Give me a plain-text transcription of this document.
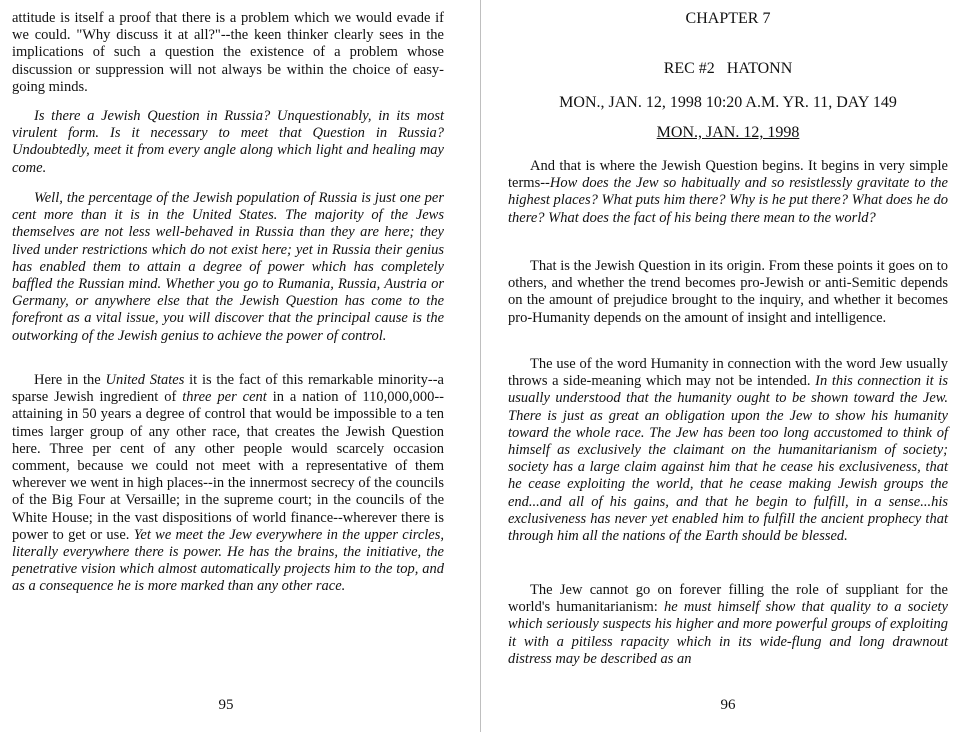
attitude is itself a proof that there is a problem which we would evade if we could. "Why discuss it at all?"--the keen thinker clearly sees in the implications of such a question the existence of a problem whose discussion or suppression will not always be within the choice of easy-going minds.

Is there a Jewish Question in Russia? Unquestionably, in its most virulent form. Is it necessary to meet that Question in Russia? Undoubtedly, meet it from every angle along which light and healing may come.

Well, the percentage of the Jewish population of Russia is just one per cent more than it is in the United States. The majority of the Jews themselves are not less well-behaved in Russia than they are here; they lived under restrictions which do not exist here; yet in Russia their genius has enabled them to attain a degree of power which has completely baffled the Russian mind. Whether you go to Rumania, Russia, Austria or Germany, or anywhere else that the Jewish Question has come to the forefront as a vital issue, you will discover that the principal cause is the outworking of the Jewish genius to achieve the power of control.

Here in the United States it is the fact of this remarkable minority--a sparse Jewish ingredient of three per cent in a nation of 110,000,000--attaining in 50 years a degree of control that would be impossible to a ten times larger group of any other race, that creates the Jewish Question here. Three per cent of any other people would scarcely occasion comment, because we could not meet with a representative of them wherever we went in high places--in the innermost secrecy of the councils of the Big Four at Versaille; in the supreme court; in the councils of the White House; in the vast dispositions of world finance--wherever there is power to get or use. Yet we meet the Jew everywhere in the upper circles, literally everywhere there is power. He has the brains, the initiative, the penetrative vision which almost automatically projects him to the top, and as a consequence he is more marked than any other race.

CHAPTER 7
REC #2   HATONN
MON., JAN. 12, 1998 10:20 A.M. YR. 11, DAY 149
MON., JAN. 12, 1998

And that is where the Jewish Question begins. It begins in very simple terms--How does the Jew so habitually and so resistlessly gravitate to the highest places? What puts him there? Why is he put there? What does he do there? What does the fact of his being there mean to the world?

That is the Jewish Question in its origin. From these points it goes on to others, and whether the trend becomes pro-Jewish or anti-Semitic depends on the amount of prejudice brought to the inquiry, and whether it becomes pro-Humanity depends on the amount of insight and intelligence.

The use of the word Humanity in connection with the word Jew usually throws a side-meaning which may not be intended. In this connection it is usually understood that the humanity ought to be shown toward the Jew. There is just as great an obligation upon the Jew to show his humanity toward the whole race. The Jew has been too long accustomed to think of himself as exclusively the claimant on the humanitarianism of society; society has a large claim against him that he cease his exclusiveness, that he cease exploiting the world, that he cease making Jewish groups the end...and all of his gains, and that he begin to fulfill, in a sense...his exclusiveness has never yet enabled him to fulfill the ancient prophecy that through him all the nations of the Earth should be blessed.

The Jew cannot go on forever filling the role of suppliant for the world's humanitarianism: he must himself show that quality to a society which seriously suspects his higher and more powerful groups of exploiting it with a pitiless rapacity which in its wide-flung and long drawnout distress may be described as an

95	96
